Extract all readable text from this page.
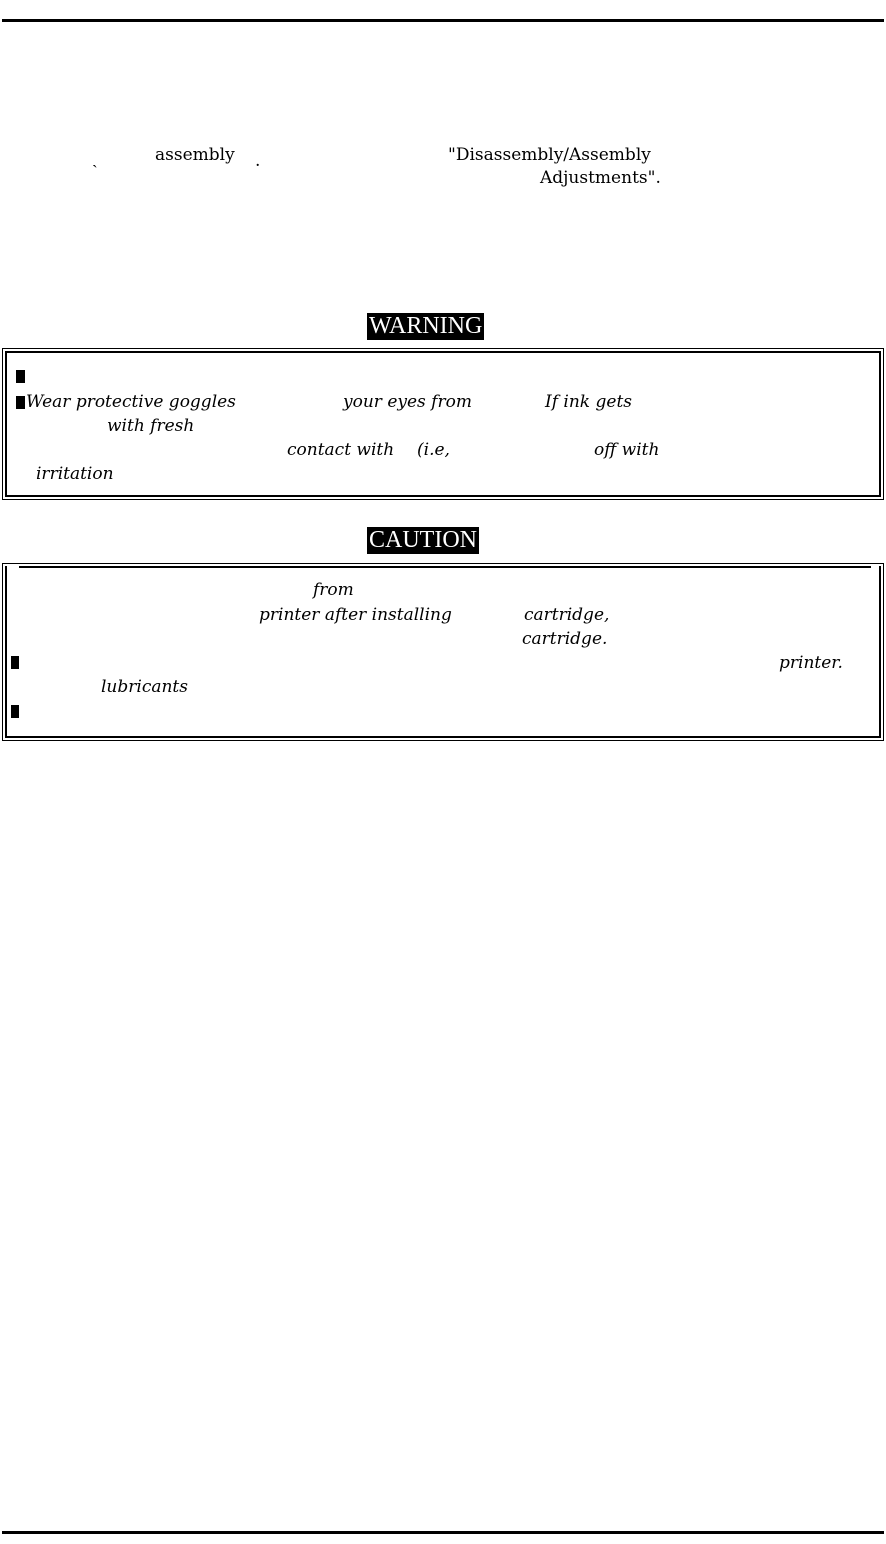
ˏ	assembly .	"Disassembly/Assembly
Adjustments".
WARNING
Wear protective goggles	your eyes from	If ink gets
with fresh
contact with (i.e,	off with
irritation
CAUTION
from
printer after installing	cartridge,
cartridge.
printer.
lubricants
